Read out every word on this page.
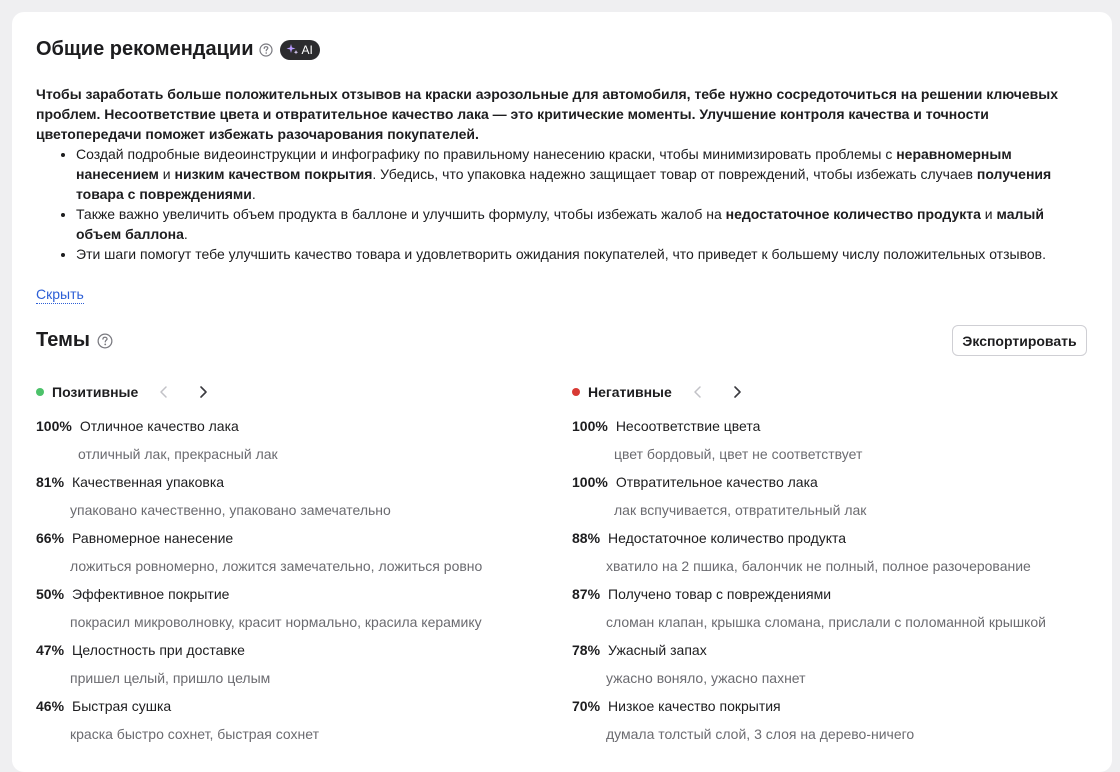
Общие рекомендации	AI

Чтобы заработать больше положительных отзывов на краски аэрозольные для автомобиля, тебе нужно сосредоточиться на решении ключевых проблем. Несоответствие цвета и отвратительное качество лака — это критические моменты. Улучшение контроля качества и точности цветопередачи поможет избежать разочарования покупателей.

• Создай подробные видеоинструкции и инфографику по правильному нанесению краски, чтобы минимизировать проблемы с неравномерным нанесением и низким качеством покрытия. Убедись, что упаковка надежно защищает товар от повреждений, чтобы избежать случаев получения товара с повреждениями.
• Также важно увеличить объем продукта в баллоне и улучшить формулу, чтобы избежать жалоб на недостаточное количество продукта и малый объем баллона.
• Эти шаги помогут тебе улучшить качество товара и удовлетворить ожидания покупателей, что приведет к большему числу положительных отзывов.
Скрыть
Темы	Экспортировать
Позитивные
100% Отличное качество лака
отличный лак, прекрасный лак
81% Качественная упаковка
упаковано качественно, упаковано замечательно
66% Равномерное нанесение
ложиться ровномерно, ложится замечательно, ложиться ровно
50% Эффективное покрытие
покрасил микроволновку, красит нормально, красила керамику
47% Целостность при доставке
пришел целый, пришло целым
46% Быстрая сушка
краска быстро сохнет, быстрая сохнет
Негативные
100% Несоответствие цвета
цвет бордовый, цвет не соответствует
100% Отвратительное качество лака
лак вспучивается, отвратительный лак
88% Недостаточное количество продукта
хватило на 2 пшика, балончик не полный, полное разочерование
87% Получено товар с повреждениями
сломан клапан, крышка сломана, прислали с поломанной крышкой
78% Ужасный запах
ужасно воняло, ужасно пахнет
70% Низкое качество покрытия
думала толстый слой, 3 слоя на дерево-ничего
